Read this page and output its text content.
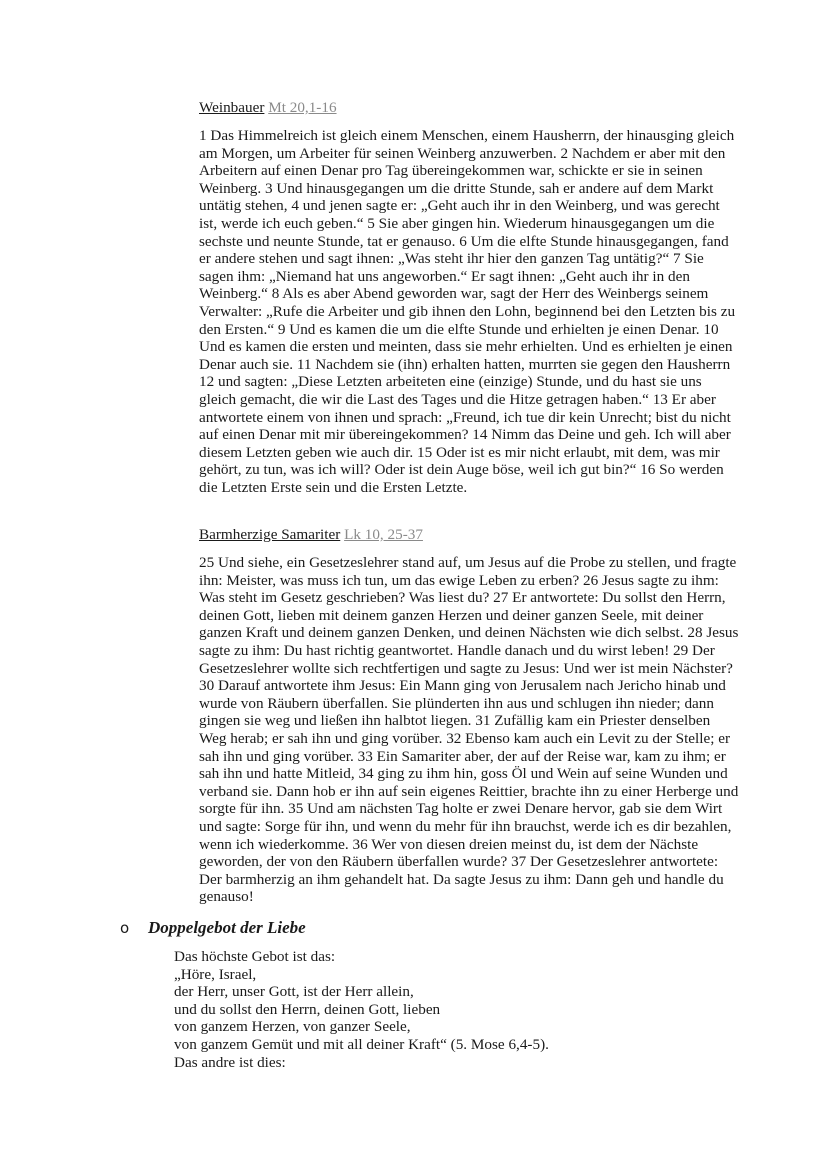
Weinbauer Mt 20,1-16

1 Das Himmelreich ist gleich einem Menschen, einem Hausherrn, der hinausging gleich am Morgen, um Arbeiter für seinen Weinberg anzuwerben. 2 Nachdem er aber mit den Arbeitern auf einen Denar pro Tag übereingekommen war, schickte er sie in seinen Weinberg. 3 Und hinausgegangen um die dritte Stunde, sah er andere auf dem Markt untätig stehen, 4 und jenen sagte er: „Geht auch ihr in den Weinberg, und was gerecht ist, werde ich euch geben.“ 5 Sie aber gingen hin. Wiederum hinausgegangen um die sechste und neunte Stunde, tat er genauso. 6 Um die elfte Stunde hinausgegangen, fand er andere stehen und sagt ihnen: „Was steht ihr hier den ganzen Tag untätig?“ 7 Sie sagen ihm: „Niemand hat uns angeworben.“ Er sagt ihnen: „Geht auch ihr in den Weinberg.“ 8 Als es aber Abend geworden war, sagt der Herr des Weinbergs seinem Verwalter: „Rufe die Arbeiter und gib ihnen den Lohn, beginnend bei den Letzten bis zu den Ersten.“ 9 Und es kamen die um die elfte Stunde und erhielten je einen Denar. 10 Und es kamen die ersten und meinten, dass sie mehr erhielten. Und es erhielten je einen Denar auch sie. 11 Nachdem sie (ihn) erhalten hatten, murrten sie gegen den Hausherrn 12 und sagten: „Diese Letzten arbeiteten eine (einzige) Stunde, und du hast sie uns gleich gemacht, die wir die Last des Tages und die Hitze getragen haben.“ 13 Er aber antwortete einem von ihnen und sprach: „Freund, ich tue dir kein Unrecht; bist du nicht auf einen Denar mit mir übereingekommen? 14 Nimm das Deine und geh. Ich will aber diesem Letzten geben wie auch dir. 15 Oder ist es mir nicht erlaubt, mit dem, was mir gehört, zu tun, was ich will? Oder ist dein Auge böse, weil ich gut bin?“ 16 So werden die Letzten Erste sein und die Ersten Letzte.

Barmherzige Samariter Lk 10, 25-37

25 Und siehe, ein Gesetzeslehrer stand auf, um Jesus auf die Probe zu stellen, und fragte ihn: Meister, was muss ich tun, um das ewige Leben zu erben? 26 Jesus sagte zu ihm: Was steht im Gesetz geschrieben? Was liest du? 27 Er antwortete: Du sollst den Herrn, deinen Gott, lieben mit deinem ganzen Herzen und deiner ganzen Seele, mit deiner ganzen Kraft und deinem ganzen Denken, und deinen Nächsten wie dich selbst. 28 Jesus sagte zu ihm: Du hast richtig geantwortet. Handle danach und du wirst leben! 29 Der Gesetzeslehrer wollte sich rechtfertigen und sagte zu Jesus: Und wer ist mein Nächster? 30 Darauf antwortete ihm Jesus: Ein Mann ging von Jerusalem nach Jericho hinab und wurde von Räubern überfallen. Sie plünderten ihn aus und schlugen ihn nieder; dann gingen sie weg und ließen ihn halbtot liegen. 31 Zufällig kam ein Priester denselben Weg herab; er sah ihn und ging vorüber. 32 Ebenso kam auch ein Levit zu der Stelle; er sah ihn und ging vorüber. 33 Ein Samariter aber, der auf der Reise war, kam zu ihm; er sah ihn und hatte Mitleid, 34 ging zu ihm hin, goss Öl und Wein auf seine Wunden und verband sie. Dann hob er ihn auf sein eigenes Reittier, brachte ihn zu einer Herberge und sorgte für ihn. 35 Und am nächsten Tag holte er zwei Denare hervor, gab sie dem Wirt und sagte: Sorge für ihn, und wenn du mehr für ihn brauchst, werde ich es dir bezahlen, wenn ich wiederkomme. 36 Wer von diesen dreien meinst du, ist dem der Nächste geworden, der von den Räubern überfallen wurde? 37 Der Gesetzeslehrer antwortete: Der barmherzig an ihm gehandelt hat. Da sagte Jesus zu ihm: Dann geh und handle du genauso!

o	Doppelgebot der Liebe

Das höchste Gebot ist das:

„Höre, Israel,

der Herr, unser Gott, ist der Herr allein,

und du sollst den Herrn, deinen Gott, lieben

von ganzem Herzen, von ganzer Seele,

von ganzem Gemüt und mit all deiner Kraft“ (5. Mose 6,4-5).

Das andre ist dies:
